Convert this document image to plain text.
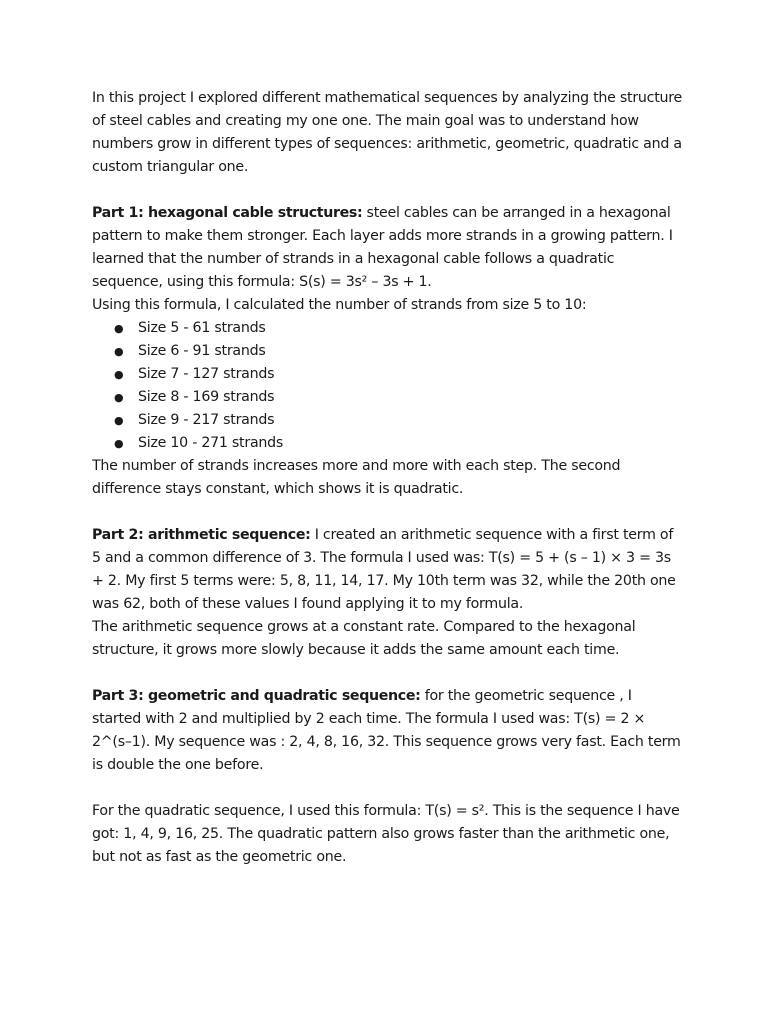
In this project I explored different mathematical sequences by analyzing the structure of steel cables and creating my one one. The main goal was to understand how numbers grow in different types of sequences: arithmetic, geometric, quadratic and a custom triangular one.

Part 1: hexagonal cable structures: steel cables can be arranged in a hexagonal pattern to make them stronger. Each layer adds more strands in a growing pattern. I learned that the number of strands in a hexagonal cable follows a quadratic sequence, using this formula: S(s) = 3s² – 3s + 1.

Using this formula, I calculated the number of strands from size 5 to 10:

● Size 5 - 61 strands
● Size 6 - 91 strands
● Size 7 - 127 strands
● Size 8 - 169 strands
● Size 9 - 217 strands
● Size 10 - 271 strands

The number of strands increases more and more with each step. The second difference stays constant, which shows it is quadratic.

Part 2: arithmetic sequence: I created an arithmetic sequence with a first term of 5 and a common difference of 3. The formula I used was: T(s) = 5 + (s – 1) × 3 = 3s + 2. My first 5 terms were: 5, 8, 11, 14, 17. My 10th term was 32, while the 20th one was 62, both of these values I found applying it to my formula.

The arithmetic sequence grows at a constant rate. Compared to the hexagonal structure, it grows more slowly because it adds the same amount each time.

Part 3: geometric and quadratic sequence: for the geometric sequence , I started with 2 and multiplied by 2 each time. The formula I used was: T(s) = 2 × 2^(s–1). My sequence was : 2, 4, 8, 16, 32. This sequence grows very fast. Each term is double the one before.

For the quadratic sequence, I used this formula: T(s) = s². This is the sequence I have got: 1, 4, 9, 16, 25. The quadratic pattern also grows faster than the arithmetic one, but not as fast as the geometric one.
